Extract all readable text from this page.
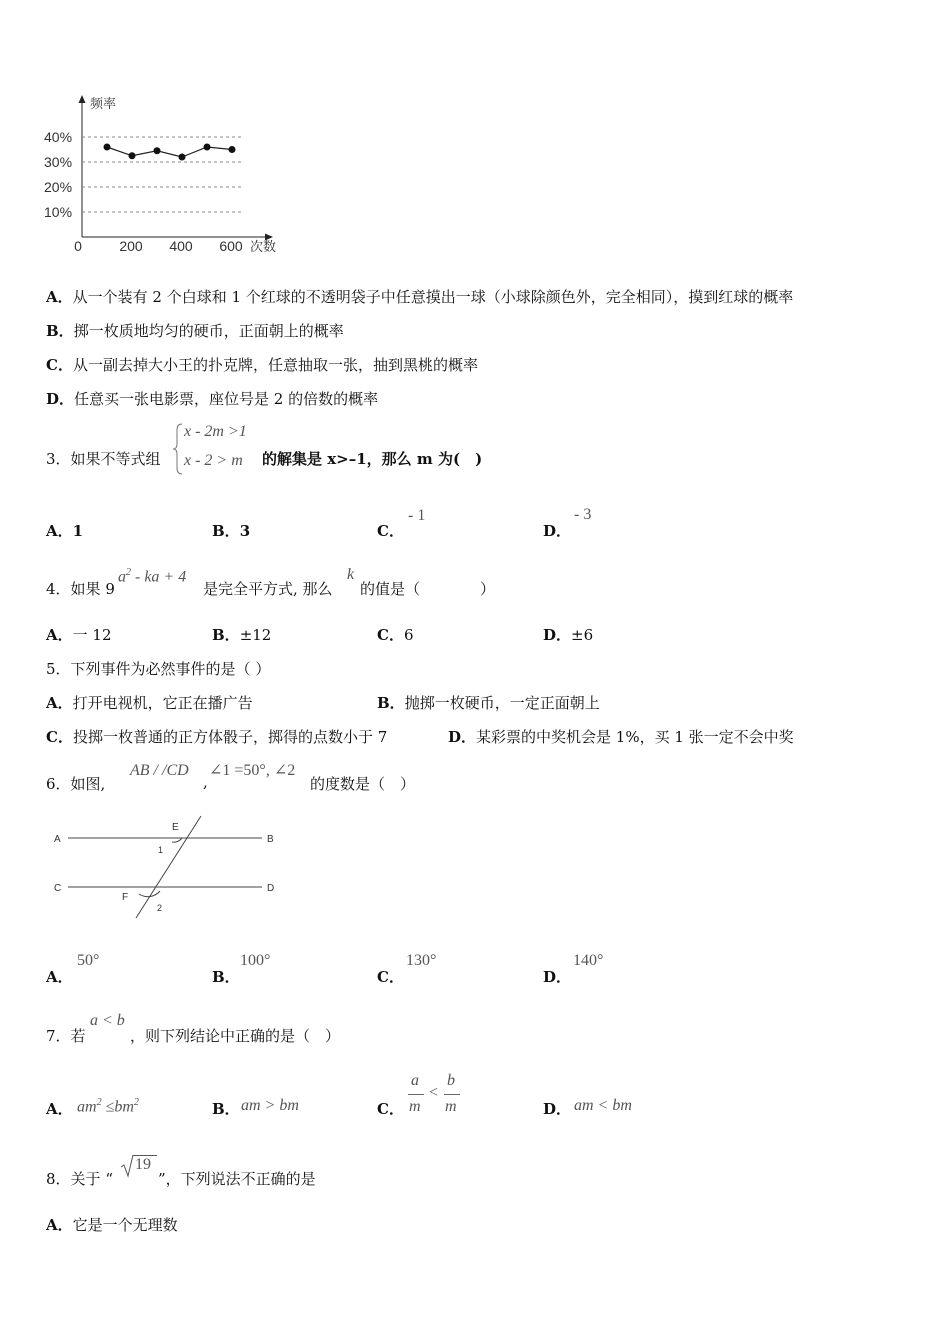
40%
30%
20%
10%
0	200 400 600
频率
次数
A．从一个装有 2 个白球和 1 个红球的不透明袋子中任意摸出一球（小球除颜色外，完全相同），摸到红球的概率
B．掷一枚质地均匀的硬币，正面朝上的概率
C．从一副去掉大小王的扑克牌，任意抽取一张，抽到黑桃的概率
D．任意买一张电影票，座位号是 2 的倍数的概率
3．如果不等式组
x - 2m >1
x - 2 > m 的解集是 x>–1，那么 m 为(　)
A．1	B．3	C．
- 1
D．
- 3
4．如果 9
$a^2$ - ka + 4
是完全平方式, 那么
k
的值是（　　　　）
A．一 12	B．±12	C．6	D．±6
5．下列事件为必然事件的是（ ）
A．打开电视机，它正在播广告	B．抛掷一枚硬币，一定正面朝上
C．投掷一枚普通的正方体骰子，掷得的点数小于 7	D．某彩票的中奖机会是 1%，买 1 张一定不会中奖
6．如图,
AB / /CD
,
∠1 =50°, ∠2
的度数是（　）
A	B
C	D
E
F
1
2
A．
50°
B．
100°
C．
130°
D．
140°
7．若
a < b
，则下列结论中正确的是（　）
A． $am^2 \le bm^2$	B． am > bm	C．
a
m
<
b
m	D． am < bm
8．关于 “
19
”，下列说法不正确的是
A．它是一个无理数
